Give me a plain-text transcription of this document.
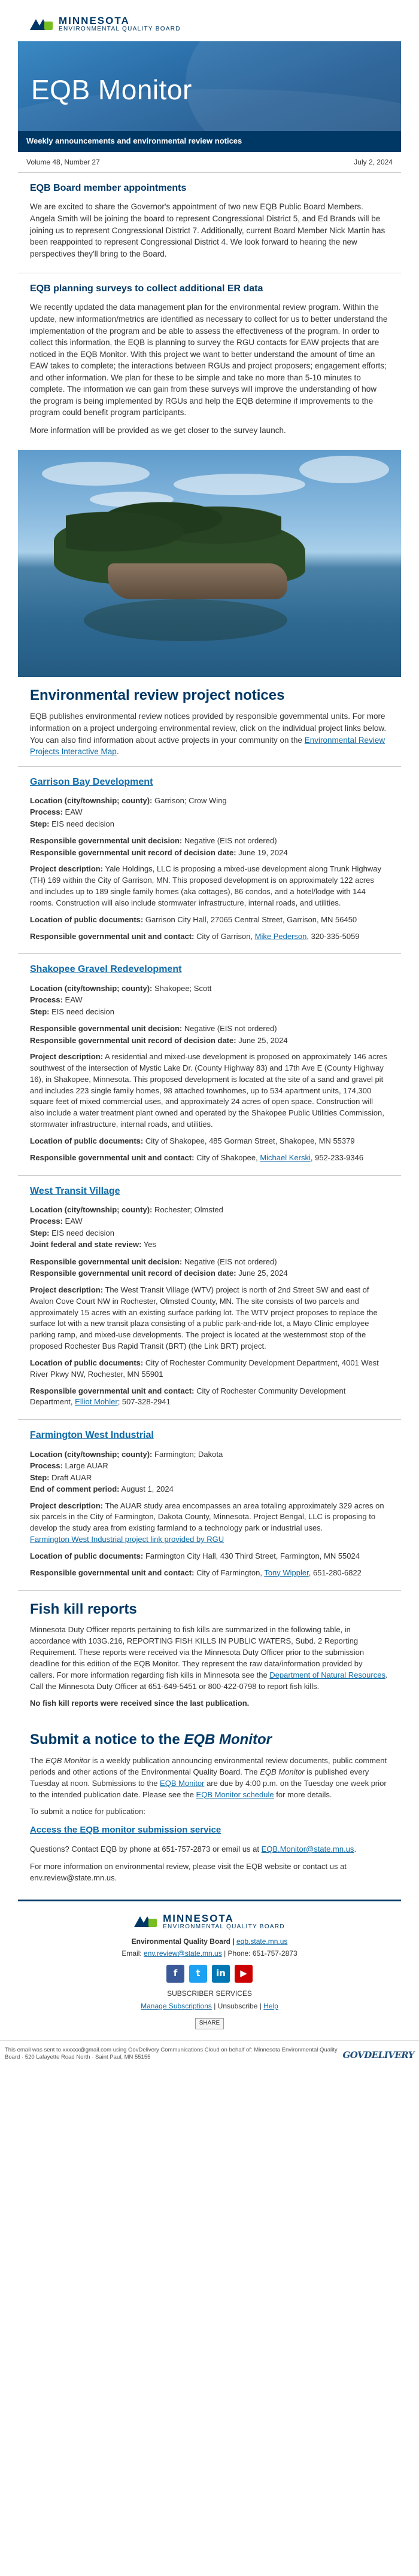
MINNESOTA
ENVIRONMENTAL QUALITY BOARD
EQB Monitor
Weekly announcements and environmental review notices
Volume 48, Number 27	July 2, 2024
EQB Board member appointments

We are excited to share the Governor's appointment of two new EQB Public Board Members. Angela Smith will be joining the board to represent Congressional District 5, and Ed Brands will be joining us to represent Congressional District 7. Additionally, current Board Member Nick Martin has been reappointed to represent Congressional District 4. We look forward to hearing the new perspectives they'll bring to the Board.

EQB planning surveys to collect additional ER data

We recently updated the data management plan for the environmental review program. Within the update, new information/metrics are identified as necessary to collect for us to better understand the implementation of the program and be able to assess the effectiveness of the program. In order to collect this information, the EQB is planning to survey the RGU contacts for EAW projects that are noticed in the EQB Monitor. With this project we want to better understand the amount of time an EAW takes to complete; the interactions between RGUs and project proposers; engagement efforts; and other information. We plan for these to be simple and take no more than 5-10 minutes to complete. The information we can gain from these surveys will improve the understanding of how the program is being implemented by RGUs and help the EQB determine if improvements to the program could benefit program participants.

More information will be provided as we get closer to the survey launch.

Environmental review project notices

EQB publishes environmental review notices provided by responsible governmental units. For more information on a project undergoing environmental review, click on the individual project links below. You can also find information about active projects in your community on the Environmental Review Projects Interactive Map.

Garrison Bay Development
Location (city/township; county): Garrison; Crow Wing
Process: EAW
Step: EIS need decision
Responsible governmental unit decision: Negative (EIS not ordered)
Responsible governmental unit record of decision date: June 19, 2024

Project description: Yale Holdings, LLC is proposing a mixed-use development along Trunk Highway (TH) 169 within the City of Garrison, MN. This proposed development is on approximately 122 acres and includes up to 189 single family homes (aka cottages), 86 condos, and a hotel/lodge with 144 rooms. Construction will also include stormwater infrastructure, internal roads, and utilities.

Location of public documents: Garrison City Hall, 27065 Central Street, Garrison, MN 56450

Responsible governmental unit and contact: City of Garrison, Mike Pederson, 320-335-5059

Shakopee Gravel Redevelopment
Location (city/township; county): Shakopee; Scott
Process: EAW
Step: EIS need decision
Responsible governmental unit decision: Negative (EIS not ordered)
Responsible governmental unit record of decision date: June 25, 2024

Project description: A residential and mixed-use development is proposed on approximately 146 acres southwest of the intersection of Mystic Lake Dr. (County Highway 83) and 17th Ave E (County Highway 16), in Shakopee, Minnesota. This proposed development is located at the site of a sand and gravel pit and includes 223 single family homes, 98 attached townhomes, up to 534 apartment units, 174,300 square feet of mixed commercial uses, and approximately 24 acres of open space. Construction will also include a water treatment plant owned and operated by the Shakopee Public Utilities Commission, stormwater infrastructure, internal roads, and utilities.

Location of public documents: City of Shakopee, 485 Gorman Street, Shakopee, MN 55379

Responsible governmental unit and contact: City of Shakopee, Michael Kerski, 952-233-9346

West Transit Village
Location (city/township; county): Rochester; Olmsted
Process: EAW
Step: EIS need decision
Joint federal and state review: Yes
Responsible governmental unit decision: Negative (EIS not ordered)
Responsible governmental unit record of decision date: June 25, 2024

Project description: The West Transit Village (WTV) project is north of 2nd Street SW and east of Avalon Cove Court NW in Rochester, Olmsted County, MN. The site consists of two parcels and approximately 15 acres with an existing surface parking lot. The WTV project proposes to replace the surface lot with a new transit plaza consisting of a public park-and-ride lot, a Mayo Clinic employee parking ramp, and mixed-use developments. The project is located at the westernmost stop of the proposed Rochester Bus Rapid Transit (BRT) (the Link BRT) project.

Location of public documents: City of Rochester Community Development Department, 4001 West River Pkwy NW, Rochester, MN 55901

Responsible governmental unit and contact: City of Rochester Community Development Department, Elliot Mohler; 507-328-2941

Farmington West Industrial
Location (city/township; county): Farmington; Dakota
Process: Large AUAR
Step: Draft AUAR
End of comment period: August 1, 2024

Project description: The AUAR study area encompasses an area totaling approximately 329 acres on six parcels in the City of Farmington, Dakota County, Minnesota. Project Bengal, LLC is proposing to develop the study area from existing farmland to a technology park or industrial uses.
Farmington West Industrial project link provided by RGU

Location of public documents: Farmington City Hall, 430 Third Street, Farmington, MN 55024

Responsible governmental unit and contact: City of Farmington, Tony Wippler, 651-280-6822

Fish kill reports

Minnesota Duty Officer reports pertaining to fish kills are summarized in the following table, in accordance with 103G.216, REPORTING FISH KILLS IN PUBLIC WATERS, Subd. 2 Reporting Requirement. These reports were received via the Minnesota Duty Officer prior to the submission deadline for this edition of the EQB Monitor. They represent the raw data/information provided by callers. For more information regarding fish kills in Minnesota see the Department of Natural Resources. Call the Minnesota Duty Officer at 651-649-5451 or 800-422-0798 to report fish kills.

No fish kill reports were received since the last publication.

Submit a notice to the EQB Monitor

The EQB Monitor is a weekly publication announcing environmental review documents, public comment periods and other actions of the Environmental Quality Board. The EQB Monitor is published every Tuesday at noon. Submissions to the EQB Monitor are due by 4:00 p.m. on the Tuesday one week prior to the intended publication date. Please see the EQB Monitor schedule for more details.

To submit a notice for publication:

Access the EQB monitor submission service

Questions? Contact EQB by phone at 651-757-2873 or email us at EQB.Monitor@state.mn.us.

For more information on environmental review, please visit the EQB website or contact us at env.review@state.mn.us.

MINNESOTA
ENVIRONMENTAL QUALITY BOARD
Environmental Quality Board | eqb.state.mn.us
Email: env.review@state.mn.us | Phone: 651-757-2873
f	t	in	▶
SUBSCRIBER SERVICES
Manage Subscriptions | Unsubscribe | Help
SHARE
This email was sent to xxxxxx@gmail.com using GovDelivery Communications Cloud on behalf of: Minnesota Environmental Quality Board · 520 Lafayette Road North · Saint Paul, MN 55155	GOVDELIVERY
